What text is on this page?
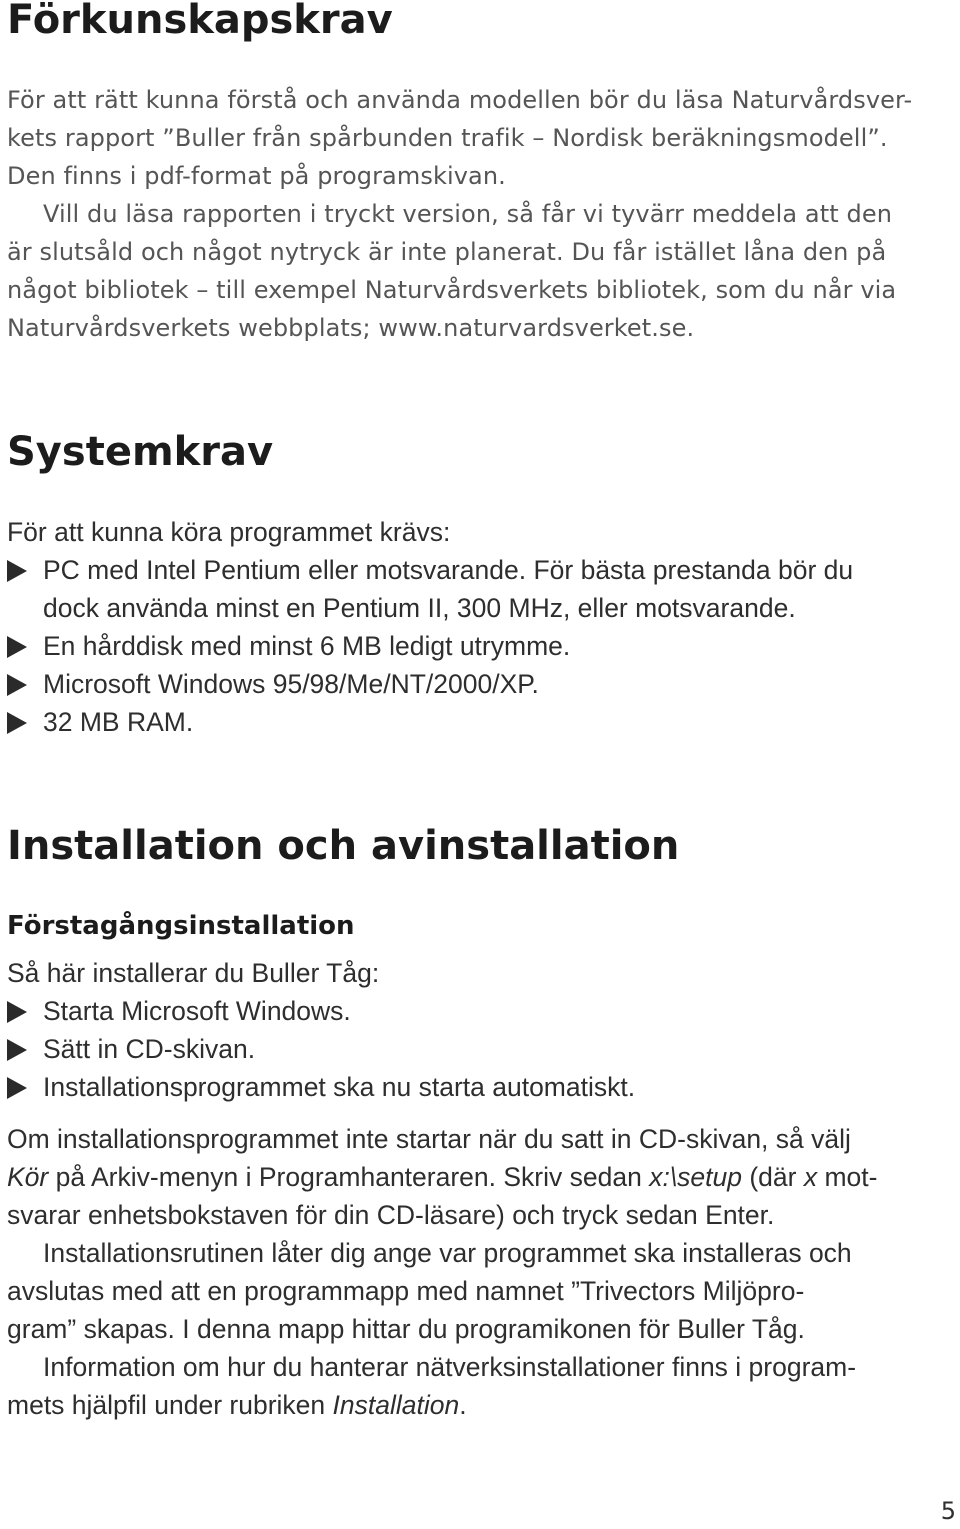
Förkunskapskrav

För att rätt kunna förstå och använda modellen bör du läsa Naturvårdsver-

kets rapport ”Buller från spårbunden trafik – Nordisk beräkningsmodell”.

Den finns i pdf-format på programskivan.

Vill du läsa rapporten i tryckt version, så får vi tyvärr meddela att den

är slutsåld och något nytryck är inte planerat. Du får istället låna den på

något bibliotek – till exempel Naturvårdsverkets bibliotek, som du når via

Naturvårdsverkets webbplats; www.naturvardsverket.se.

Systemkrav

För att kunna köra programmet krävs:

PC med Intel Pentium eller motsvarande. För bästa prestanda bör du

dock använda minst en Pentium II, 300 MHz, eller motsvarande.

En hårddisk med minst 6 MB ledigt utrymme.

Microsoft Windows 95/98/Me/NT/2000/XP.

32 MB RAM.

Installation och avinstallation
Förstagångsinstallation

Så här installerar du Buller Tåg:

Starta Microsoft Windows.

Sätt in CD-skivan.

Installationsprogrammet ska nu starta automatiskt.

Om installationsprogrammet inte startar när du satt in CD-skivan, så välj

Kör på Arkiv-menyn i Programhanteraren. Skriv sedan x:\setup (där x mot-

svarar enhetsbokstaven för din CD-läsare) och tryck sedan Enter.

Installationsrutinen låter dig ange var programmet ska installeras och

avslutas med att en programmapp med namnet ”Trivectors Miljöpro-

gram” skapas. I denna mapp hittar du programikonen för Buller Tåg.

Information om hur du hanterar nätverksinstallationer finns i program-

mets hjälpfil under rubriken Installation.

5
